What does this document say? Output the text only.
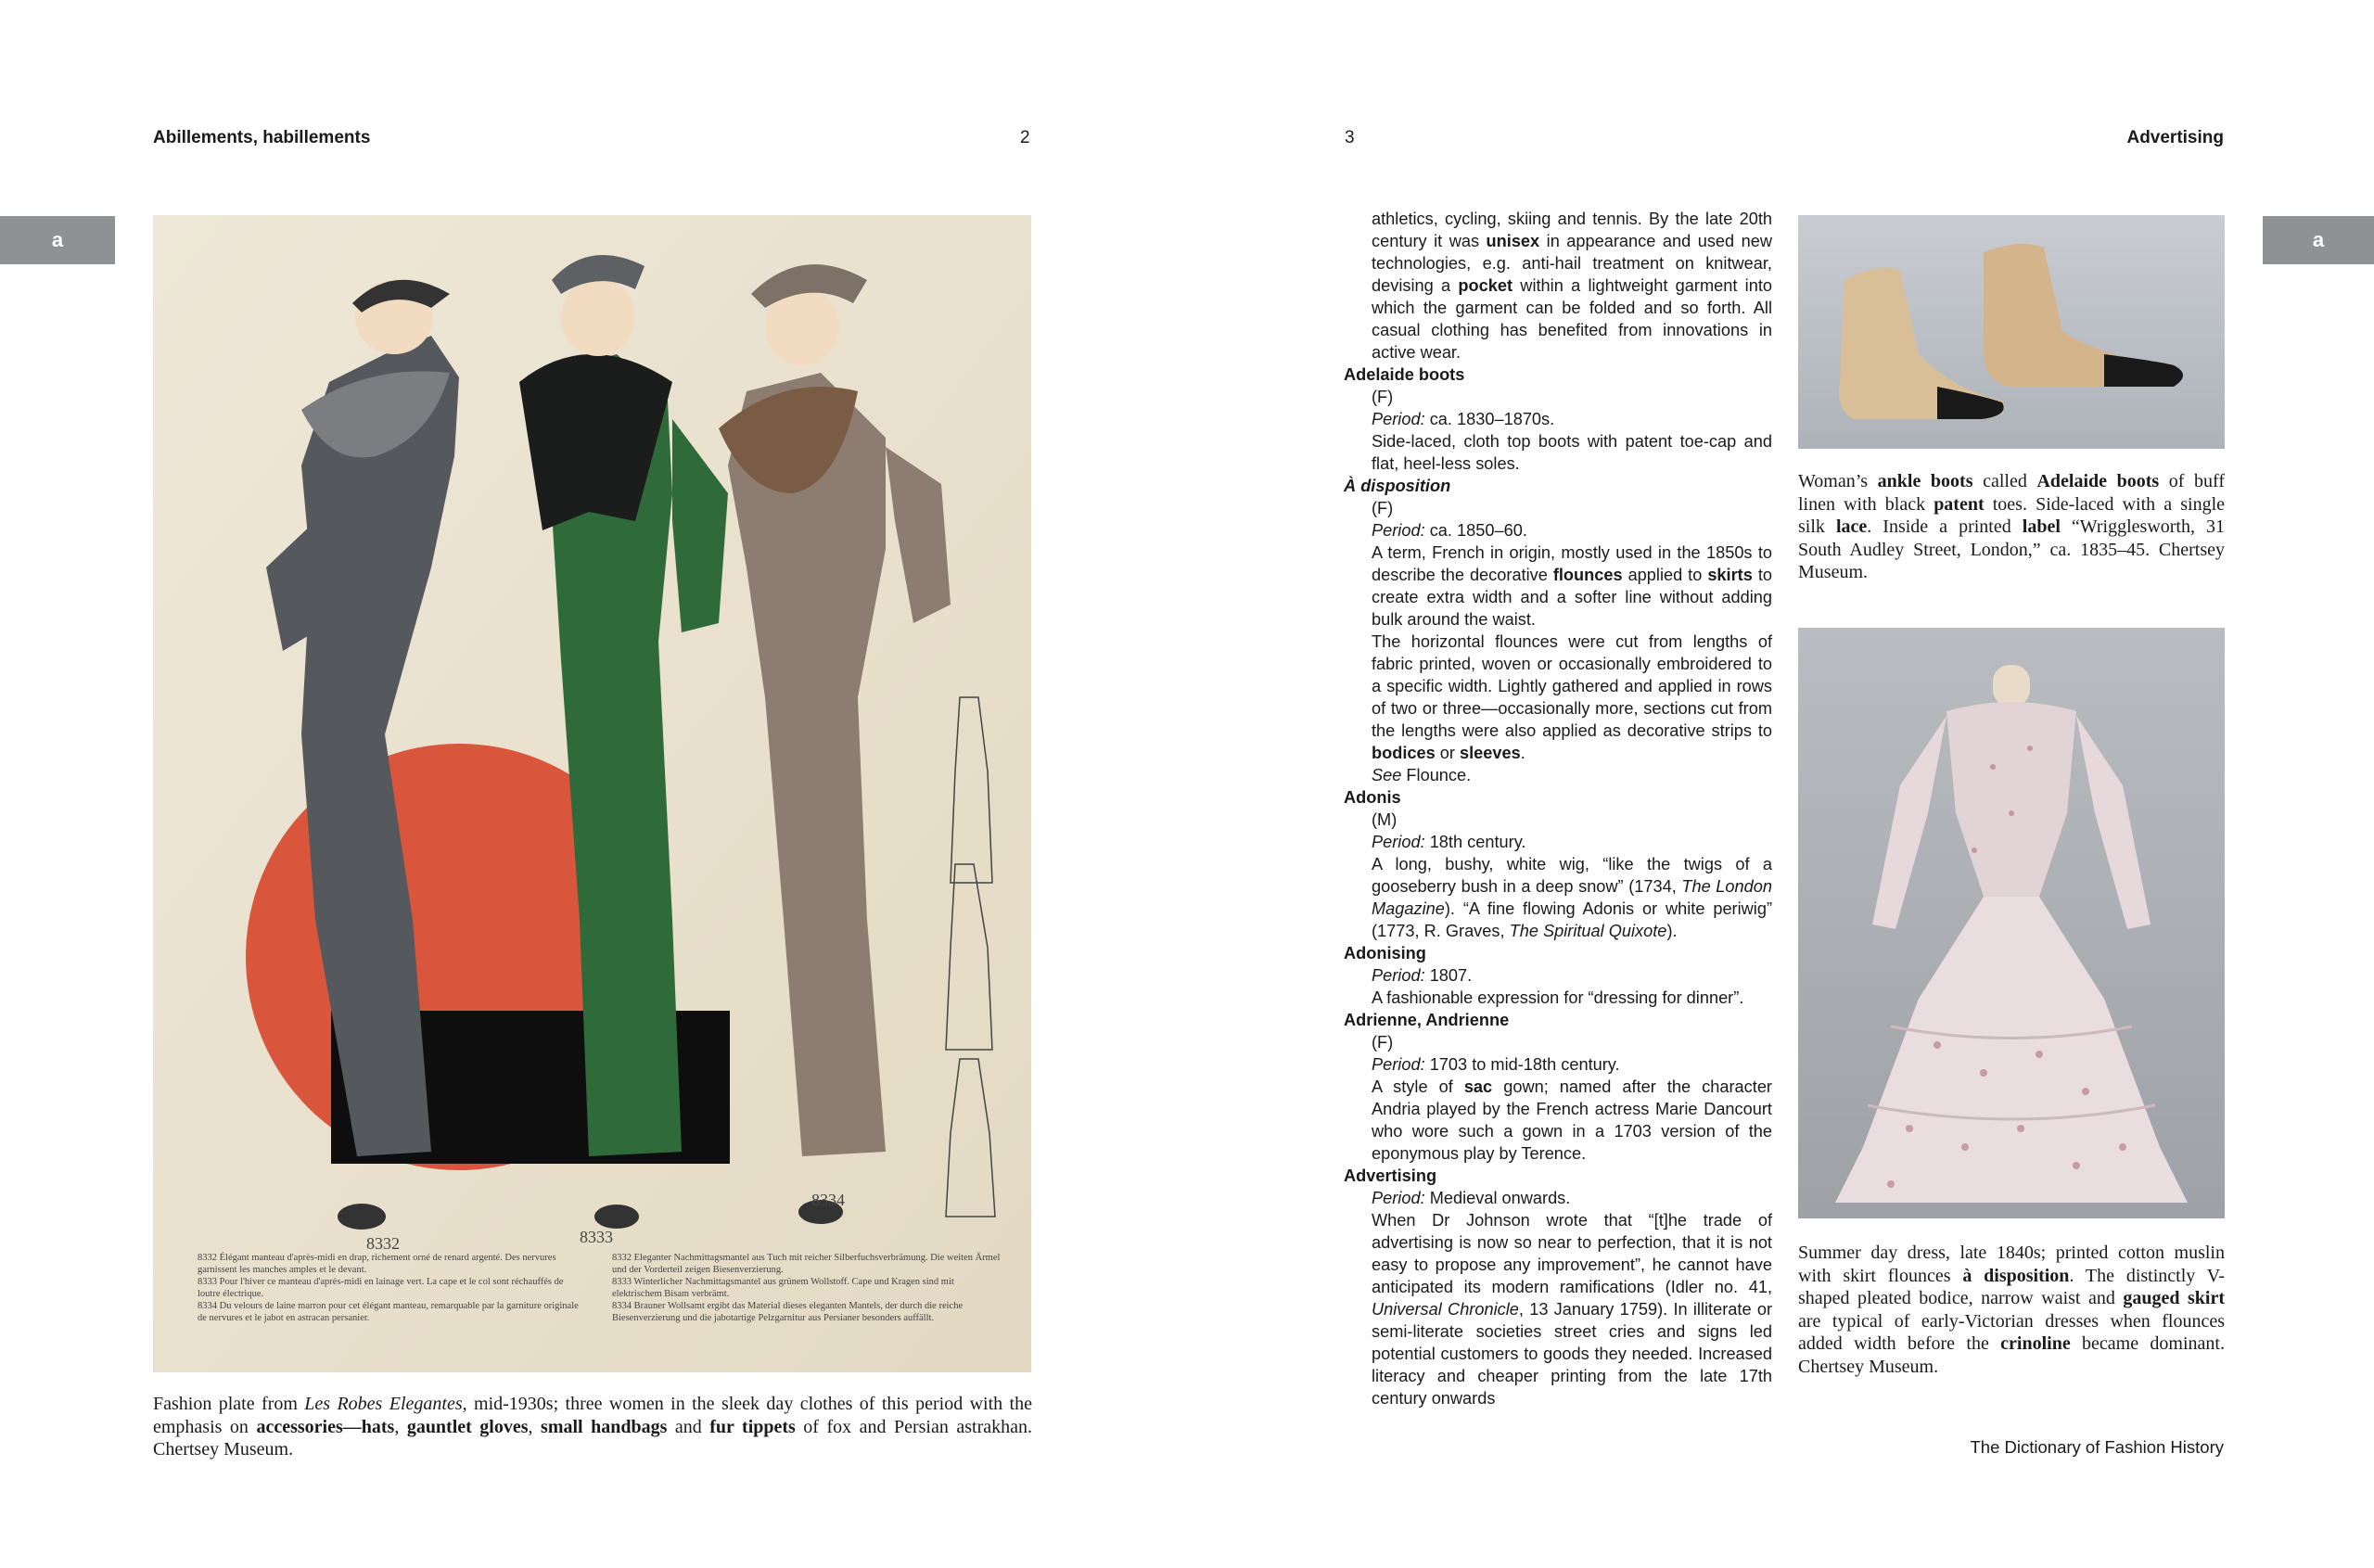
Abillements, habillements	2	3	Advertising
a	a
8332	8333
8334
8332 Élégant manteau d'après-midi en drap, richement orné de renard argenté. Des nervures garnissent les manches amples et le devant.
8333 Pour l'hiver ce manteau d'après-midi en lainage vert. La cape et le col sont réchauffés de loutre électrique.
8334 Du velours de laine marron pour cet élégant manteau, remarquable par la garniture originale de nervures et le jabot en astracan persanier.
8332 Eleganter Nachmittagsmantel aus Tuch mit reicher Silberfuchsverbrämung. Die weiten Ärmel und der Vorderteil zeigen Biesenverzierung.
8333 Winterlicher Nachmittagsmantel aus grünem Wollstoff. Cape und Kragen sind mit elektrischem Bisam verbrämt.
8334 Brauner Wollsamt ergibt das Material dieses eleganten Mantels, der durch die reiche Biesenverzierung und die jabotartige Pelzgarnitur aus Persianer besonders auffällt.
Fashion plate from Les Robes Elegantes, mid-1930s; three women in the sleek day clothes of this period with the emphasis on accessories—hats, gauntlet gloves, small handbags and fur tippets of fox and Persian astrakhan. Chertsey Museum.
athletics, cycling, skiing and tennis. By the late 20th century it was unisex in appearance and used new technologies, e.g. anti-hail treatment on knitwear, devising a pocket within a lightweight garment into which the garment can be folded and so forth. All casual clothing has benefited from innovations in active wear.
Adelaide boots
(F)
Period: ca. 1830–1870s.
Side-laced, cloth top boots with patent toe-cap and flat, heel-less soles.
À disposition
(F)
Period: ca. 1850–60.
A term, French in origin, mostly used in the 1850s to describe the decorative flounces applied to skirts to create extra width and a softer line without adding bulk around the waist.
The horizontal flounces were cut from lengths of fabric printed, woven or occasionally embroidered to a specific width. Lightly gathered and applied in rows of two or three—occasionally more, sections cut from the lengths were also applied as decorative strips to bodices or sleeves.
See Flounce.
Adonis
(M)
Period: 18th century.
A long, bushy, white wig, “like the twigs of a gooseberry bush in a deep snow” (1734, The London Magazine). “A fine flowing Adonis or white periwig” (1773, R. Graves, The Spiritual Quixote).
Adonising
Period: 1807.
A fashionable expression for “dressing for dinner”.
Adrienne, Andrienne
(F)
Period: 1703 to mid-18th century.
A style of sac gown; named after the character Andria played by the French actress Marie Dancourt who wore such a gown in a 1703 version of the eponymous play by Terence.
Advertising
Period: Medieval onwards.
When Dr Johnson wrote that “[t]he trade of advertising is now so near to perfection, that it is not easy to propose any improvement”, he cannot have anticipated its modern ramifications (Idler no. 41, Universal Chronicle, 13 January 1759). In illiterate or semi-literate societies street cries and signs led potential customers to goods they needed. Increased literacy and cheaper printing from the late 17th century onwards
Woman’s ankle boots called Adelaide boots of buff linen with black patent toes. Side-laced with a single silk lace. Inside a printed label “Wrigglesworth, 31 South Audley Street, London,” ca. 1835–45. Chertsey Museum.
Summer day dress, late 1840s; printed cotton muslin with skirt flounces à disposition. The distinctly V-shaped pleated bodice, narrow waist and gauged skirt are typical of early-Victorian dresses when flounces added width before the crinoline became dominant. Chertsey Museum.
The Dictionary of Fashion History
